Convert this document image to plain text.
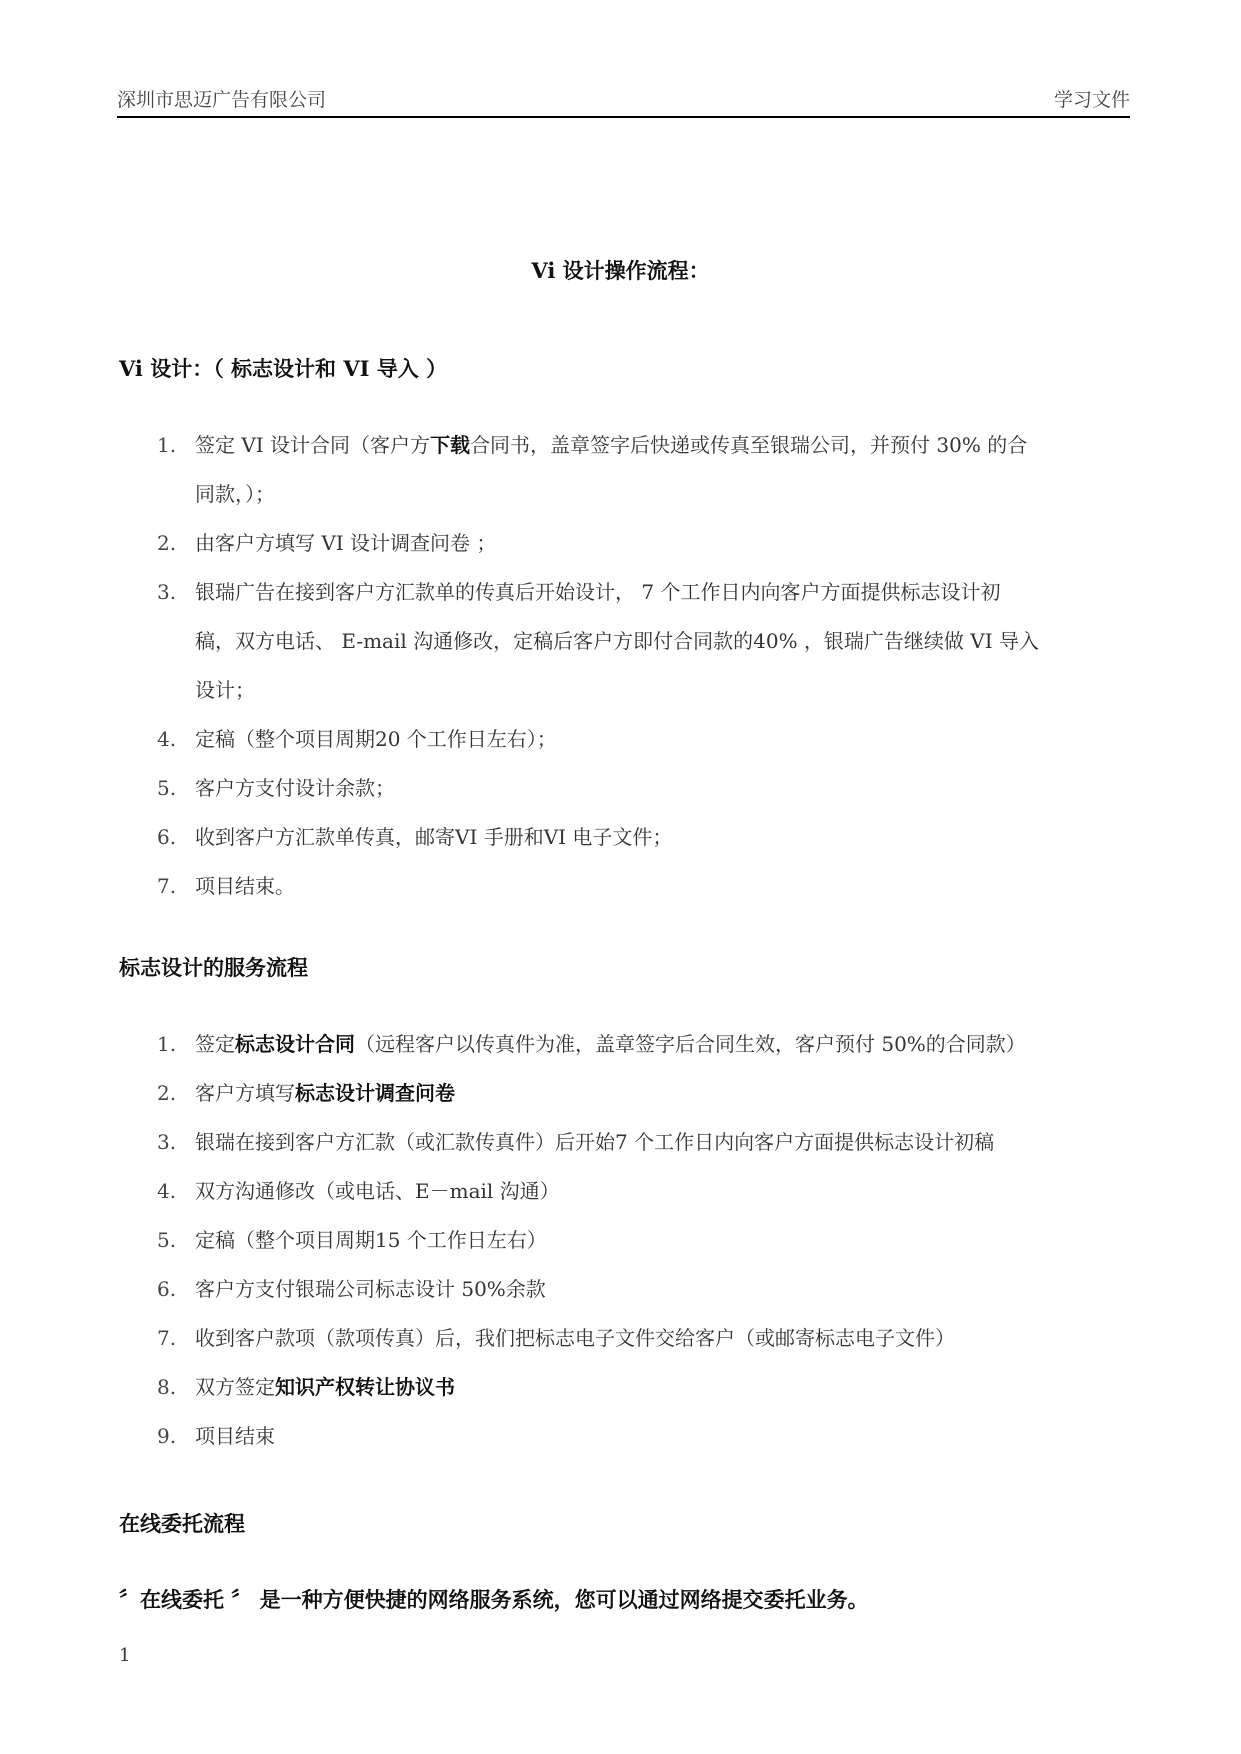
深圳市思迈广告有限公司	学习文件
Vi 设计操作流程：
Vi 设计：（ 标志设计和 VI 导入 ）
1. 签定 VI 设计合同（客户方下载合同书，盖章签字后快递或传真至银瑞公司，并预付 30% 的合
同款，）；
2. 由客户方填写 VI 设计调查问卷 ；
3. 银瑞广告在接到客户方汇款单的传真后开始设计， 7 个工作日内向客户方面提供标志设计初
稿，双方电话、 E-mail 沟通修改，定稿后客户方即付合同款的40% ，银瑞广告继续做 VI 导入
设计；
4. 定稿（整个项目周期20 个工作日左右）；
5. 客户方支付设计余款；
6. 收到客户方汇款单传真，邮寄VI 手册和VI 电子文件；
7. 项目结束。
标志设计的服务流程
1. 签定标志设计合同（远程客户以传真件为准，盖章签字后合同生效，客户预付 50%的合同款）
2. 客户方填写标志设计调查问卷
3. 银瑞在接到客户方汇款（或汇款传真件）后开始7 个工作日内向客户方面提供标志设计初稿
4. 双方沟通修改（或电话、E－mail 沟通）
5. 定稿（整个项目周期15 个工作日左右）
6. 客户方支付银瑞公司标志设计 50%余款
7. 收到客户款项（款项传真）后，我们把标志电子文件交给客户（或邮寄标志电子文件）
8. 双方签定知识产权转让协议书
9. 项目结束
在线委托流程
〞在线委托 〞 是一种方便快捷的网络服务系统，您可以通过网络提交委托业务。
1
